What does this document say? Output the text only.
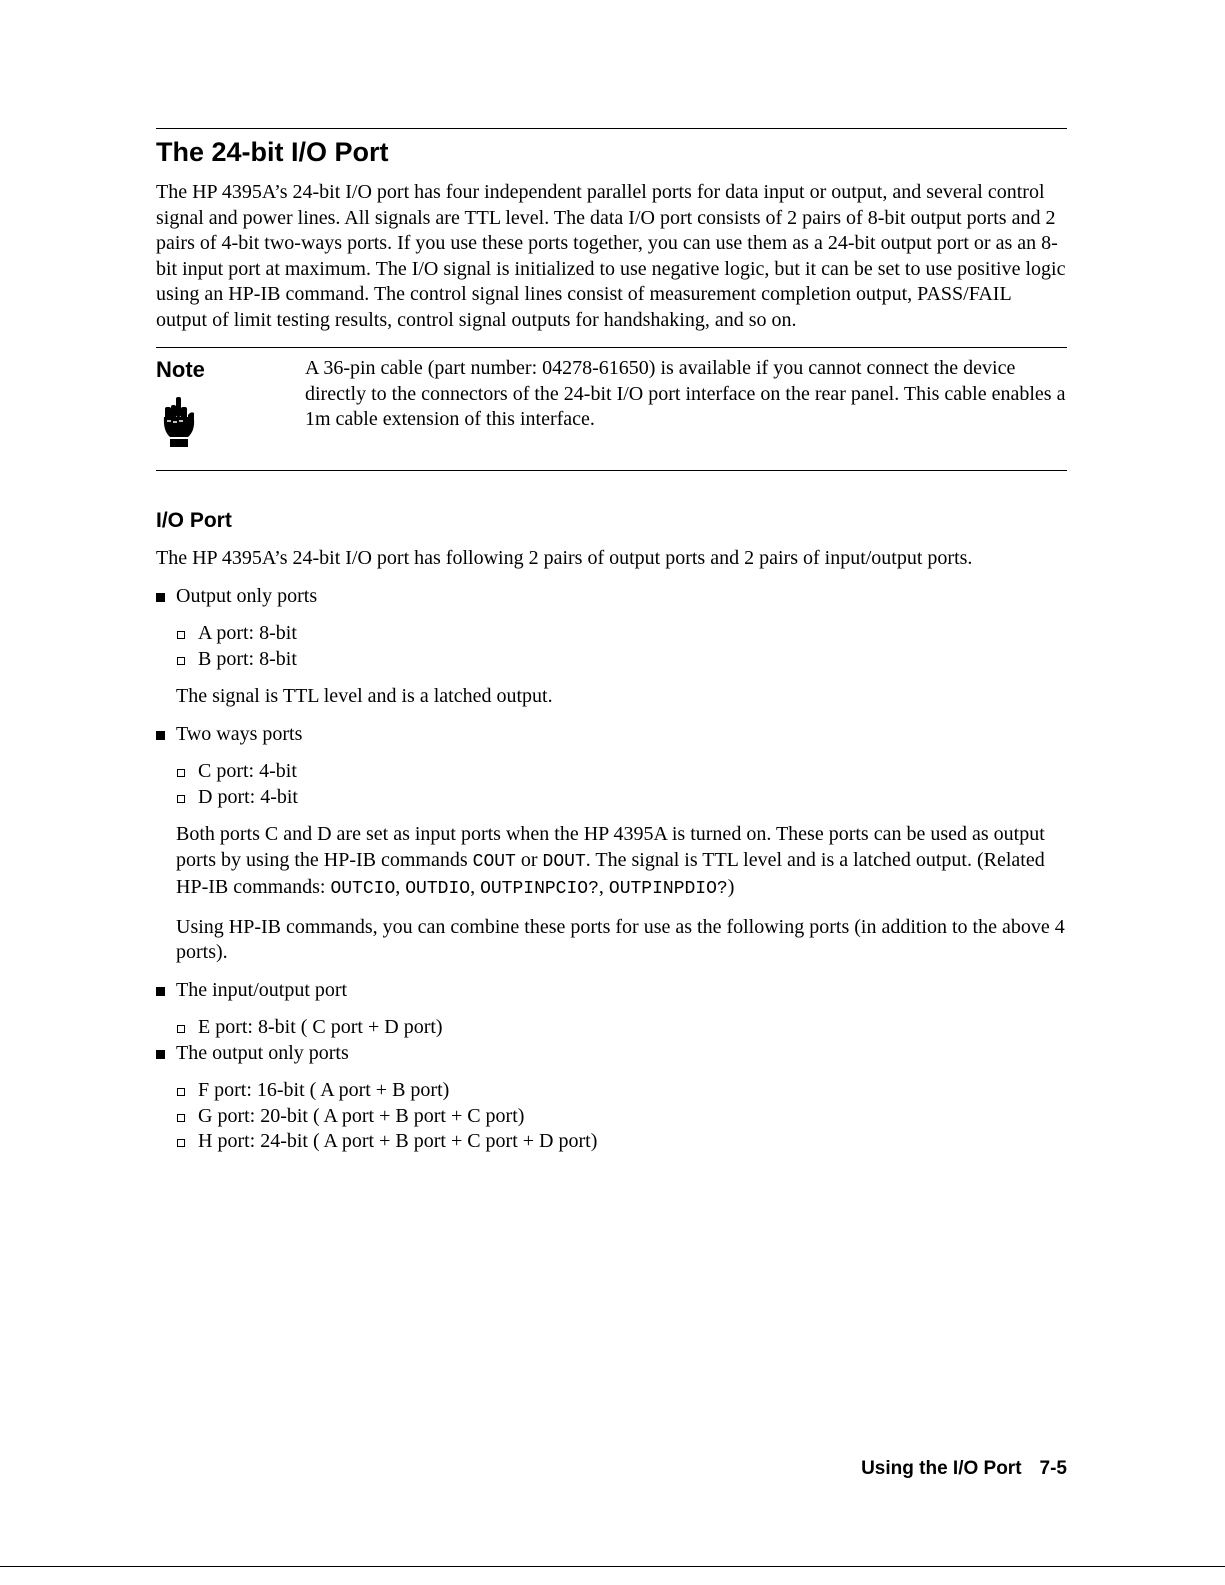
The 24-bit I/O Port

The HP 4395A’s 24-bit I/O port has four independent parallel ports for data input or output, and several control signal and power lines. All signals are TTL level. The data I/O port consists of 2 pairs of 8-bit output ports and 2 pairs of 4-bit two-ways ports. If you use these ports together, you can use them as a 24-bit output port or as an 8-bit input port at maximum. The I/O signal is initialized to use negative logic, but it can be set to use positive logic using an HP-IB command. The control signal lines consist of measurement completion output, PASS/FAIL output of limit testing results, control signal outputs for handshaking, and so on.

Note	A 36-pin cable (part number: 04278-61650) is available if you cannot connect the device directly to the connectors of the 24-bit I/O port interface on the rear panel. This cable enables a 1m cable extension of this interface.
I/O Port

The HP 4395A’s 24-bit I/O port has following 2 pairs of output ports and 2 pairs of input/output ports.

Output only ports

A port: 8-bit
B port: 8-bit

The signal is TTL level and is a latched output.

Two ways ports

C port: 4-bit
D port: 4-bit

Both ports C and D are set as input ports when the HP 4395A is turned on. These ports can be used as output ports by using the HP-IB commands COUT or DOUT. The signal is TTL level and is a latched output. (Related HP-IB commands: OUTCIO, OUTDIO, OUTPINPCIO?, OUTPINPDIO?)

Using HP-IB commands, you can combine these ports for use as the following ports (in addition to the above 4 ports).

The input/output port

E port: 8-bit ( C port + D port)

The output only ports

F port: 16-bit ( A port + B port)
G port: 20-bit ( A port + B port + C port)
H port: 24-bit ( A port + B port + C port + D port)
Using the I/O Port 7-5
